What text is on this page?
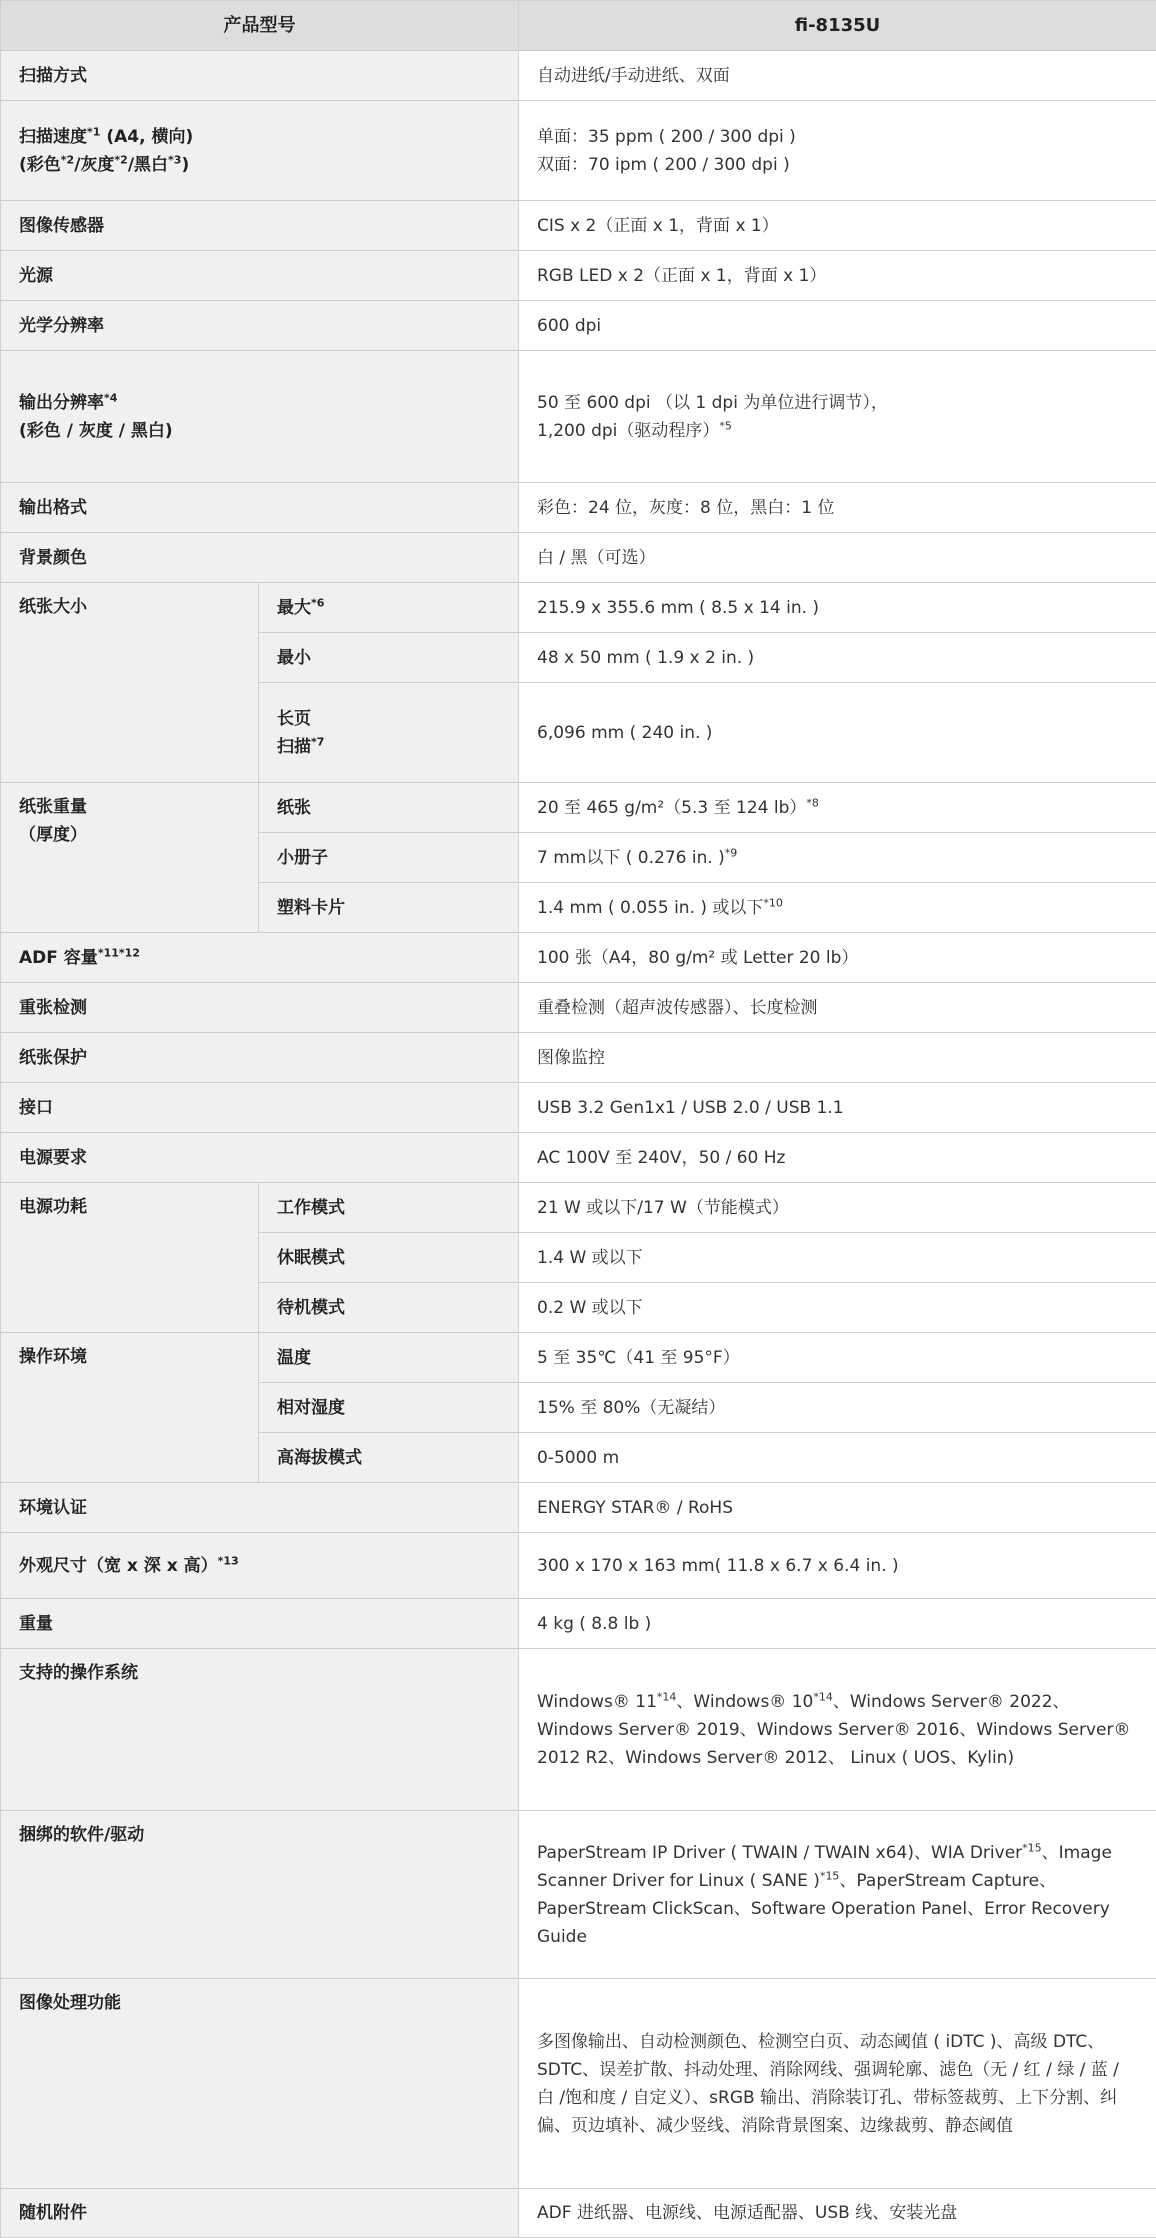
产品型号		fi-8135U
扫描方式		自动进纸/手动进纸、双面
扫描速度$^{*1}$ (A4, 横向)
(彩色$^{*2}$/灰度$^{*2}$/黑白$^{*3}$)		单面：35 ppm ( 200 / 300 dpi )
双面：70 ipm ( 200 / 300 dpi )
图像传感器		CIS x 2（正面 x 1，背面 x 1）
光源		RGB LED x 2（正面 x 1，背面 x 1）
光学分辨率		600 dpi
输出分辨率$^{*4}$
(彩色 / 灰度 / 黑白)		50 至 600 dpi （以 1 dpi 为单位进行调节），
1,200 dpi（驱动程序）$^{*5}$
输出格式		彩色：24 位，灰度：8 位，黑白：1 位
背景颜色		白 / 黑（可选）
纸张大小	最大$^{*6}$	215.9 x 355.6 mm ( 8.5 x 14 in. )
	最小	48 x 50 mm ( 1.9 x 2 in. )
	长页
扫描$^{*7}$	6,096 mm ( 240 in. )
纸张重量
（厚度）	纸张	20 至 465 g/m²（5.3 至 124 lb）$^{*8}$
	小册子	7 mm以下 ( 0.276 in. )$^{*9}$
	塑料卡片	1.4 mm ( 0.055 in. ) 或以下$^{*10}$
ADF 容量$^{*11*12}$		100 张（A4，80 g/m² 或 Letter 20 lb）
重张检测		重叠检测（超声波传感器）、长度检测
纸张保护		图像监控
接口		USB 3.2 Gen1x1 / USB 2.0 / USB 1.1
电源要求		AC 100V 至 240V，50 / 60 Hz
电源功耗	工作模式	21 W 或以下/17 W（节能模式）
	休眠模式	1.4 W 或以下
	待机模式	0.2 W 或以下
操作环境	温度	5 至 35℃（41 至 95°F）
	相对湿度	15% 至 80%（无凝结）
	高海拔模式	0-5000 m
环境认证		ENERGY STAR® / RoHS
外观尺寸（宽 x 深 x 高）$^{*13}$		300 x 170 x 163 mm( 11.8 x 6.7 x 6.4 in. )
重量		4 kg ( 8.8 lb )
支持的操作系统		Windows® 11$^{*14}$、Windows® 10$^{*14}$、Windows Server® 2022、Windows Server® 2019、Windows Server® 2016、Windows Server® 2012 R2、Windows Server® 2012、 Linux ( UOS、Kylin)
捆绑的软件/驱动		PaperStream IP Driver ( TWAIN / TWAIN x64)、WIA Driver$^{*15}$、Image Scanner Driver for Linux ( SANE )$^{*15}$、PaperStream Capture、PaperStream ClickScan、Software Operation Panel、Error Recovery Guide
图像处理功能		多图像输出、自动检测颜色、检测空白页、动态阈值 ( iDTC )、高级 DTC、SDTC、误差扩散、抖动处理、消除网线、强调轮廓、滤色（无 / 红 / 绿 / 蓝 / 白 /饱和度 / 自定义）、sRGB 输出、消除装订孔、带标签裁剪、上下分割、纠偏、页边填补、减少竖线、消除背景图案、边缘裁剪、静态阈值
随机附件		ADF 进纸器、电源线、电源适配器、USB 线、安装光盘
